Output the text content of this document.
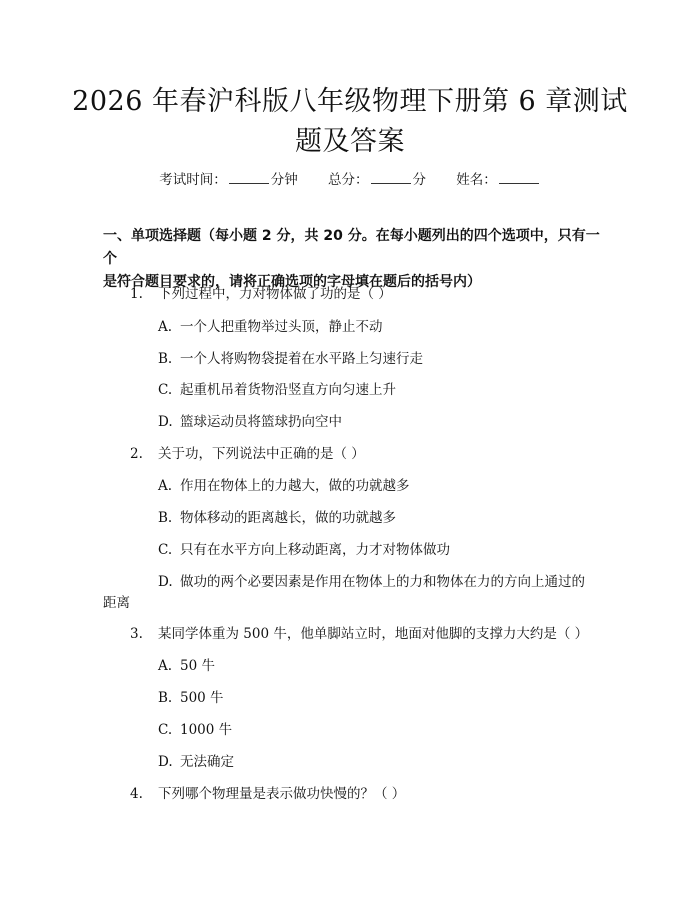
2026 年春沪科版八年级物理下册第 6 章测试
题及答案
考试时间：	分钟 总分：	分 姓名：
一、单项选择题（每小题 2 分，共 20 分。在每小题列出的四个选项中，只有一个
是符合题目要求的，请将正确选项的字母填在题后的括号内）
1. 下列过程中，力对物体做了功的是（ ）
A. 一个人把重物举过头顶，静止不动
B. 一个人将购物袋提着在水平路上匀速行走
C. 起重机吊着货物沿竖直方向匀速上升
D. 篮球运动员将篮球扔向空中
2. 关于功，下列说法中正确的是（ ）
A. 作用在物体上的力越大，做的功就越多
B. 物体移动的距离越长，做的功就越多
C. 只有在水平方向上移动距离，力才对物体做功
D. 做功的两个必要因素是作用在物体上的力和物体在力的方向上通过的
距离
3. 某同学体重为 500 牛，他单脚站立时，地面对他脚的支撑力大约是（ ）
A. 50 牛
B. 500 牛
C. 1000 牛
D. 无法确定
4. 下列哪个物理量是表示做功快慢的？（ ）
